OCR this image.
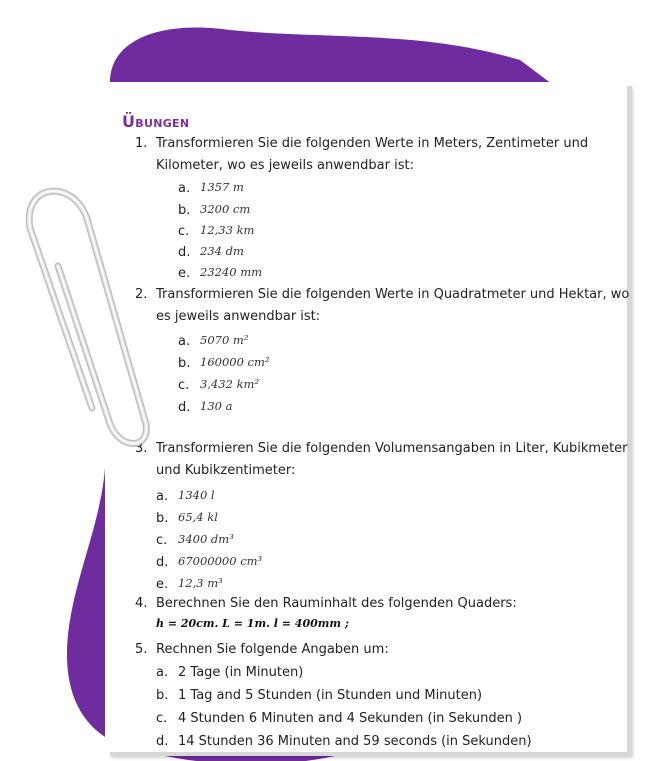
Übungen
1. Transformieren Sie die folgenden Werte in Meters, Zentimeter und
Kilometer, wo es jeweils anwendbar ist:
a. 1357 m
b. 3200 cm
c. 12,33 km
d. 234 dm
e. 23240 mm
2. Transformieren Sie die folgenden Werte in Quadratmeter und Hektar, wo
es jeweils anwendbar ist:
a. 5070 m²
b. 160000 cm²
c. 3,432 km²
d. 130 a
3. Transformieren Sie die folgenden Volumensangaben in Liter, Kubikmeter
und Kubikzentimeter:
a. 1340 l
b. 65,4 kl
c. 3400 dm³
d. 67000000 cm³
e. 12,3 m³
4. Berechnen Sie den Rauminhalt des folgenden Quaders:
h = 20cm. L = 1m. l = 400mm ;
5. Rechnen Sie folgende Angaben um:
a. 2 Tage (in Minuten)
b. 1 Tag and 5 Stunden (in Stunden und Minuten)
c. 4 Stunden 6 Minuten and 4 Sekunden (in Sekunden )
d. 14 Stunden 36 Minuten and 59 seconds (in Sekunden)
